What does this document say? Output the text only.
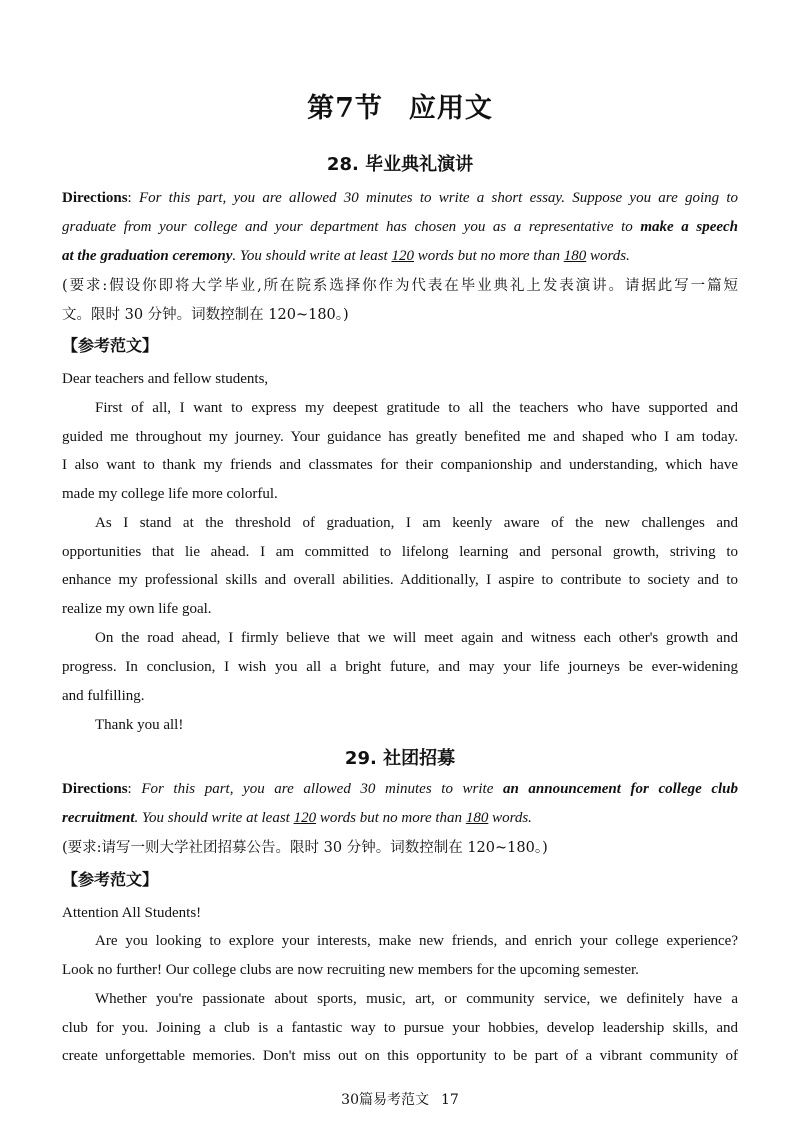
第7节 应用文
28. 毕业典礼演讲
Directions: For this part, you are allowed 30 minutes to write a short essay. Suppose you are going to
graduate from your college and your department has chosen you as a representative to make a speech
at the graduation ceremony. You should write at least 120 words but no more than 180 words.
(要求:假设你即将大学毕业,所在院系选择你作为代表在毕业典礼上发表演讲。请据此写一篇短
文。限时 30 分钟。词数控制在 120~180。)
【参考范文】
Dear teachers and fellow students,
First of all, I want to express my deepest gratitude to all the teachers who have supported and
guided me throughout my journey. Your guidance has greatly benefited me and shaped who I am today.
I also want to thank my friends and classmates for their companionship and understanding, which have
made my college life more colorful.
As I stand at the threshold of graduation, I am keenly aware of the new challenges and
opportunities that lie ahead. I am committed to lifelong learning and personal growth, striving to
enhance my professional skills and overall abilities. Additionally, I aspire to contribute to society and to
realize my own life goal.
On the road ahead, I firmly believe that we will meet again and witness each other's growth and
progress. In conclusion, I wish you all a bright future, and may your life journeys be ever-widening
and fulfilling.
Thank you all!
29. 社团招募
Directions: For this part, you are allowed 30 minutes to write an announcement for college club
recruitment. You should write at least 120 words but no more than 180 words.
(要求:请写一则大学社团招募公告。限时 30 分钟。词数控制在 120~180。)
【参考范文】
Attention All Students!
Are you looking to explore your interests, make new friends, and enrich your college experience?
Look no further! Our college clubs are now recruiting new members for the upcoming semester.
Whether you're passionate about sports, music, art, or community service, we definitely have a
club for you. Joining a club is a fantastic way to pursue your hobbies, develop leadership skills, and
create unforgettable memories. Don't miss out on this opportunity to be part of a vibrant community of
30篇易考范文 17
